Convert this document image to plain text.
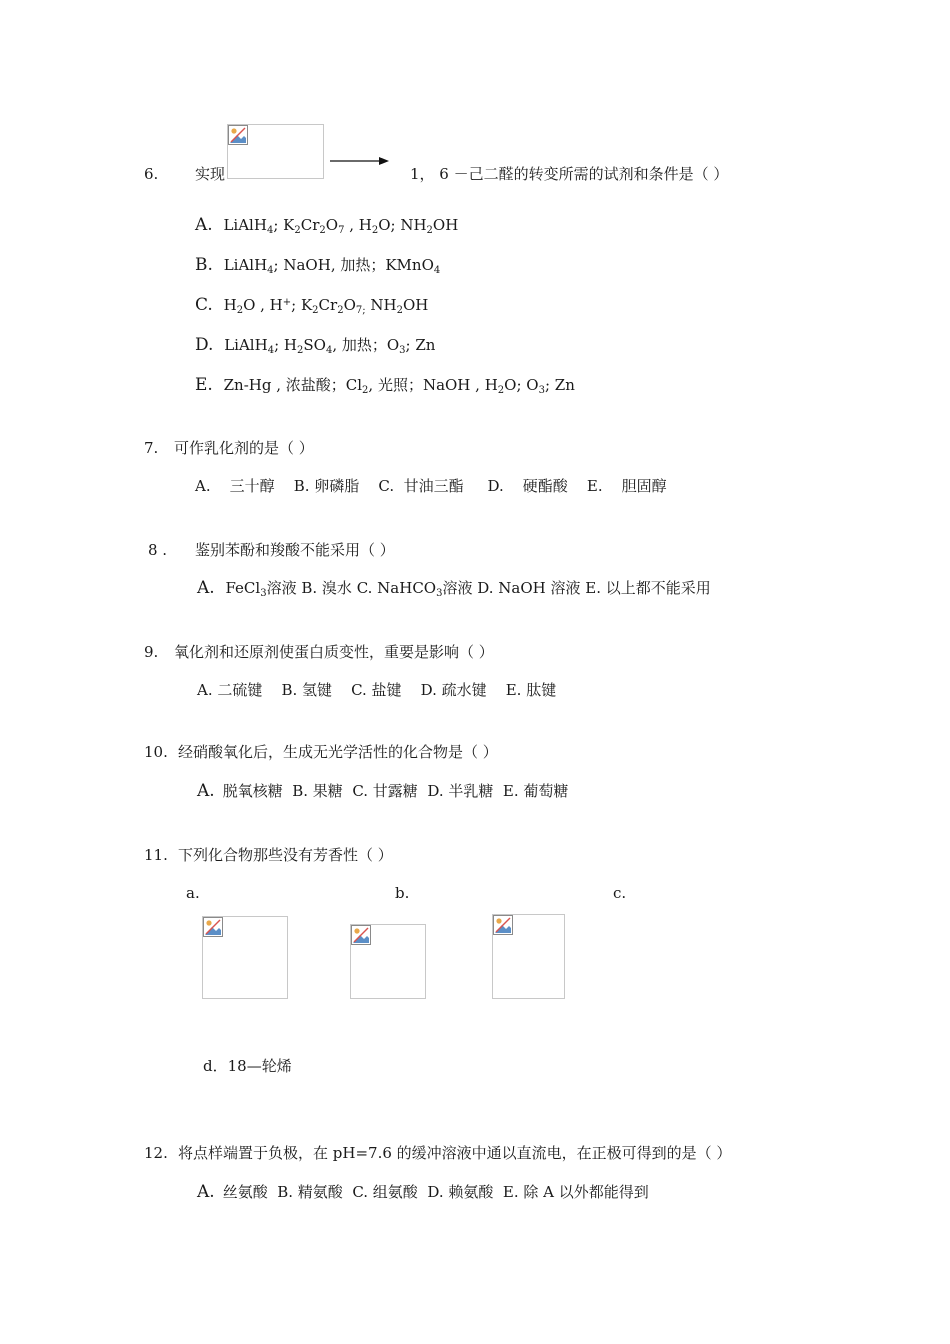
6. 实现	1， 6 －己二醛的转变所需的试剂和条件是（ ）
A. LiAlH$_4$; $K_2Cr_2O_7$ , $H_2O$; $NH_2OH$
B. LiAlH$_4$; NaOH, 加热；KMnO$_4$
C. $H_2O$ , H+; $K_2Cr_2O_{7;}$ $NH_2OH$
D. LiAlH$_4$; $H_2SO_4$, 加热；$O_3$; Zn
E. Zn-Hg , 浓盐酸；$Cl_2$, 光照；NaOH , $H_2O$; $O_3$; Zn
7. 可作乳化剂的是（ ）
A.    三十醇    B. 卵磷脂    C.  甘油三酯     D.    硬酯酸    E.    胆固醇
8 . 鉴别苯酚和羧酸不能采用（ ）
A. FeCl$_3$溶液 B. 溴水 C. NaHCO$_3$溶液 D. NaOH 溶液 E. 以上都不能采用
9. 氧化剂和还原剂使蛋白质变性，重要是影响（ ）
A. 二硫键    B. 氢键    C. 盐键    D. 疏水键    E. 肽键
10. 经硝酸氧化后，生成无光学活性的化合物是（ ）
A. 脱氧核糖  B. 果糖  C. 甘露糖  D. 半乳糖  E. 葡萄糖
11. 下列化合物那些没有芳香性（ ）
a.	b.	c.
d．18—轮烯
12. 将点样端置于负极，在 pH=7.6 的缓冲溶液中通以直流电，在正极可得到的是（ ）
A. 丝氨酸  B. 精氨酸  C. 组氨酸  D. 赖氨酸  E. 除 A 以外都能得到
